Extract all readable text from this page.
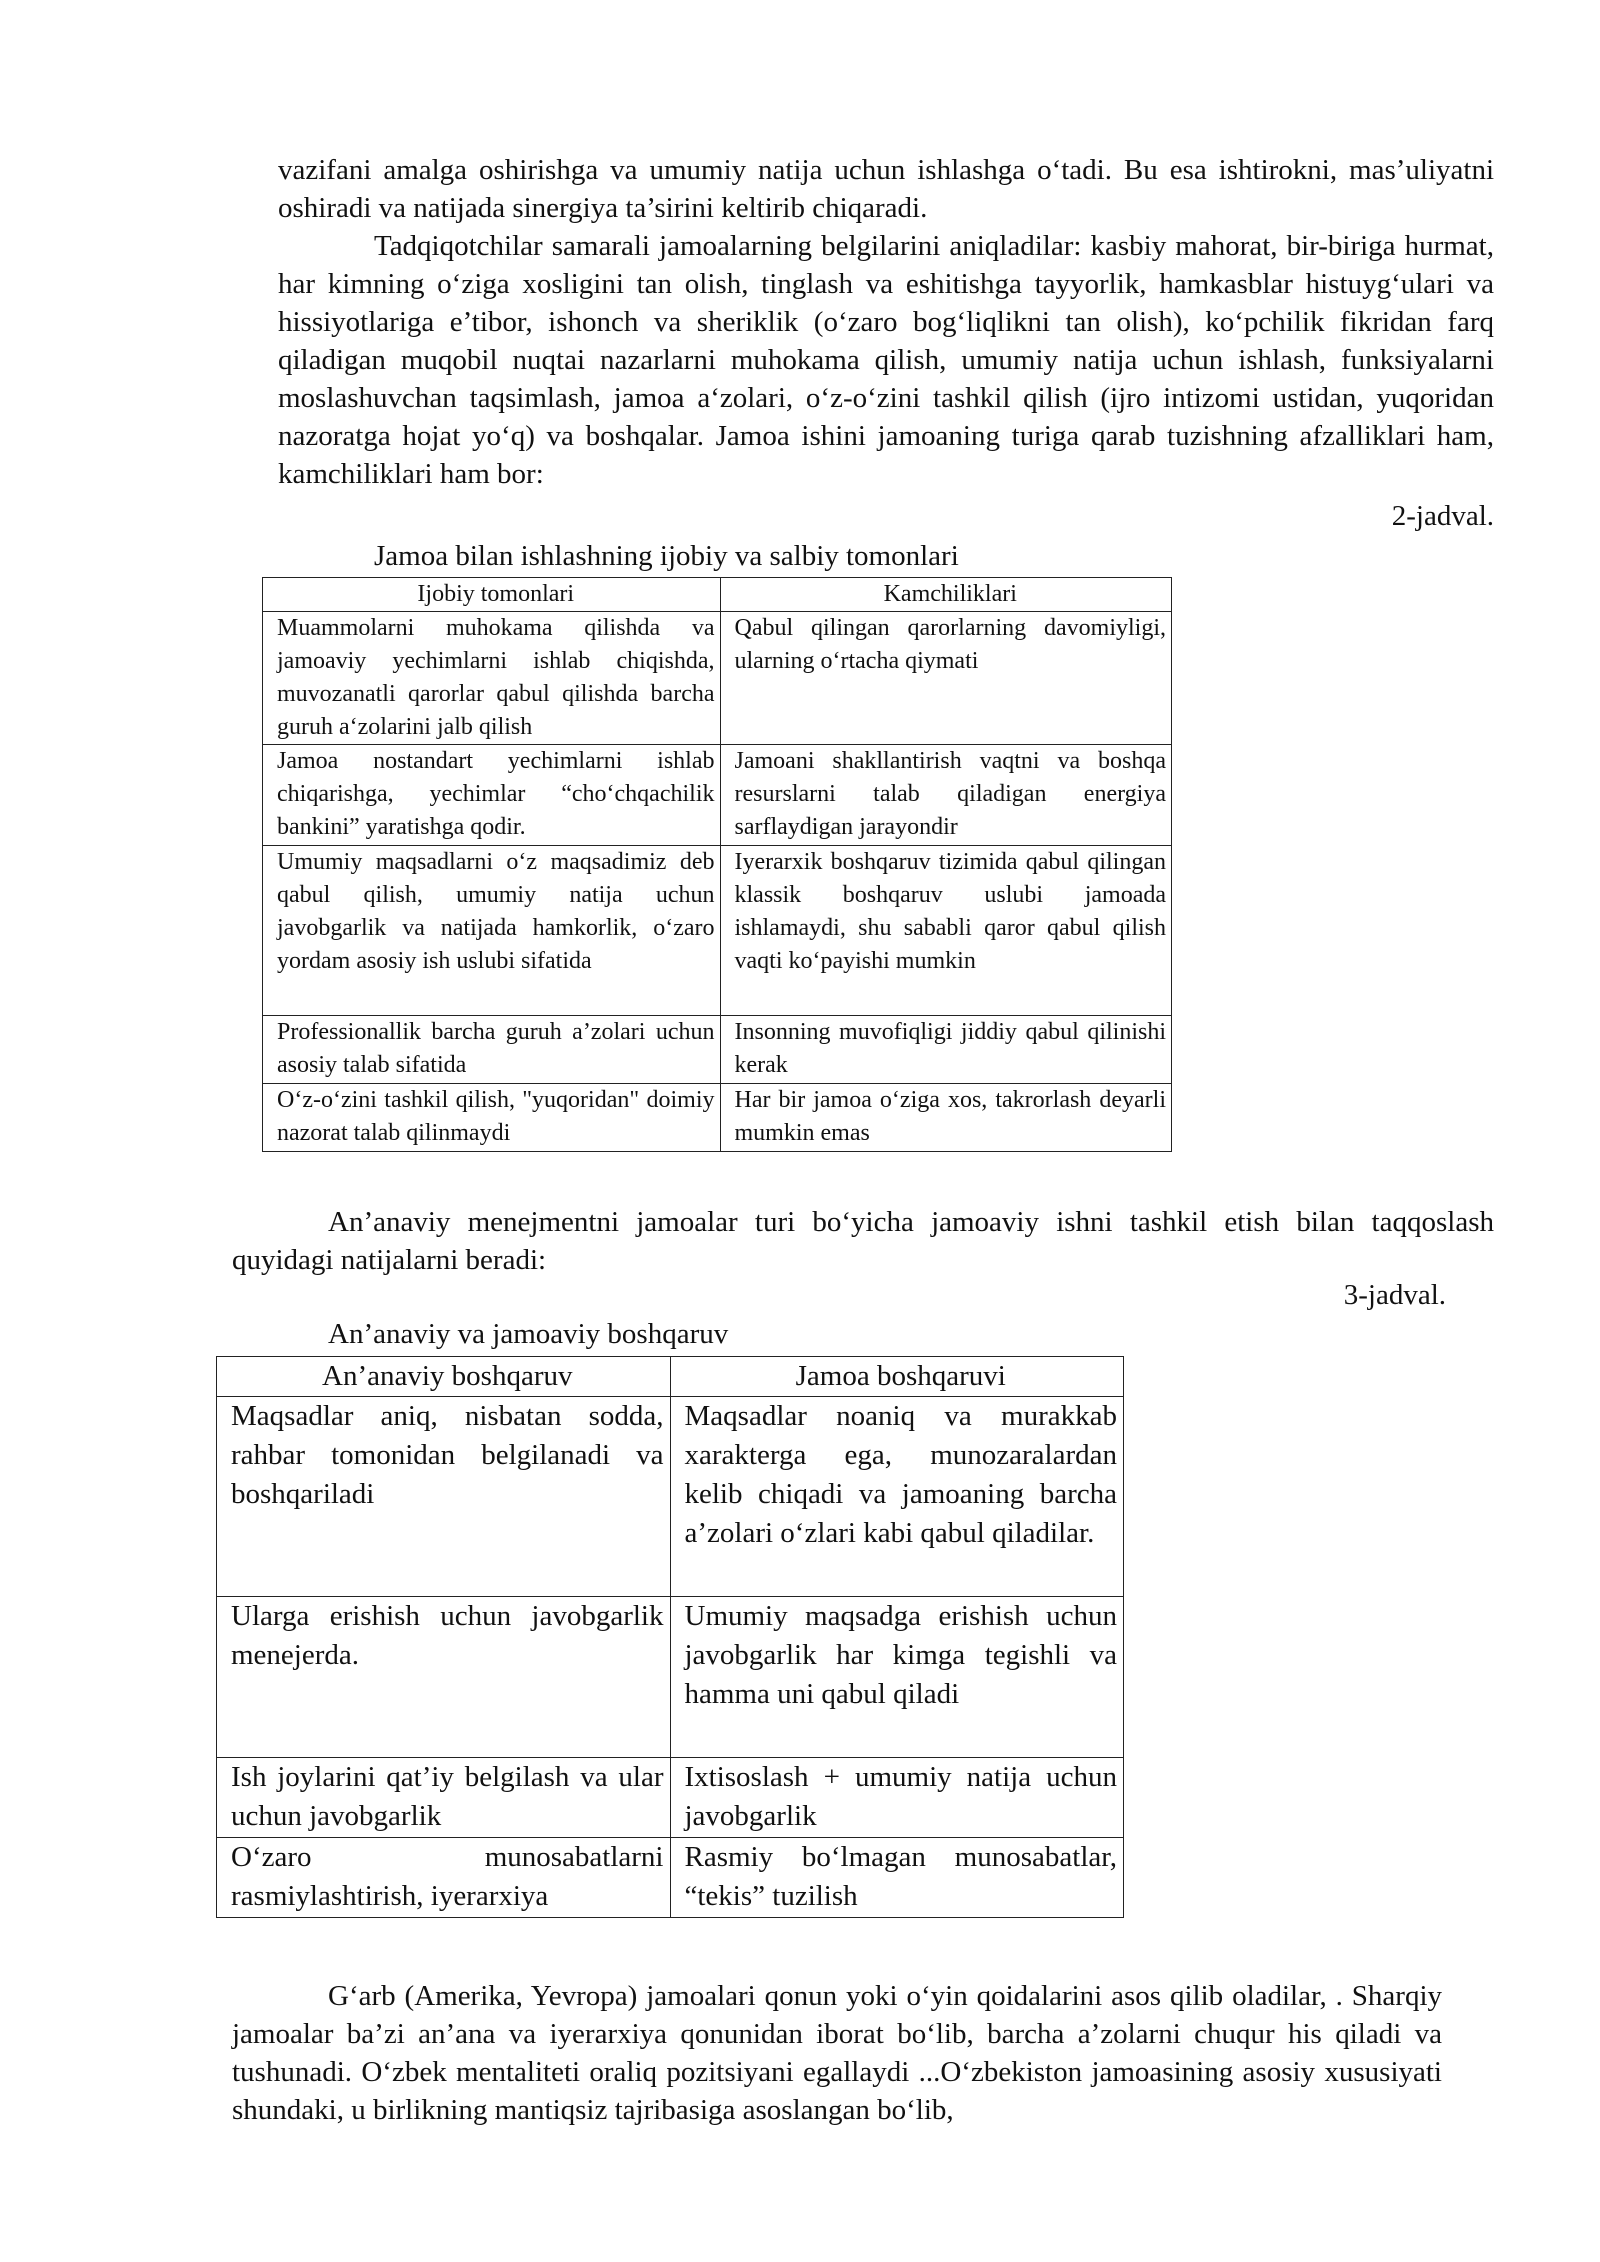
vazifani amalga oshirishga va umumiy natija uchun ishlashga o‘tadi. Bu esa ishtirokni, mas’uliyatni oshiradi va natijada sinergiya ta’sirini keltirib chiqaradi.

Tadqiqotchilar samarali jamoalarning belgilarini aniqladilar: kasbiy mahorat, bir-biriga hurmat, har kimning o‘ziga xosligini tan olish, tinglash va eshitishga tayyorlik, hamkasblar histuyg‘ulari va hissiyotlariga e’tibor, ishonch va sheriklik (o‘zaro bog‘liqlikni tan olish), ko‘pchilik fikridan farq qiladigan muqobil nuqtai nazarlarni muhokama qilish, umumiy natija uchun ishlash, funksiyalarni moslashuvchan taqsimlash, jamoa a‘zolari, o‘z-o‘zini tashkil qilish (ijro intizomi ustidan, yuqoridan nazoratga hojat yo‘q) va boshqalar. Jamoa ishini jamoaning turiga qarab tuzishning afzalliklari ham, kamchiliklari ham bor:

2-jadval.
Jamoa bilan ishlashning ijobiy va salbiy tomonlari
Ijobiy tomonlari	Kamchiliklari
Muammolarni muhokama qilishda va jamoaviy yechimlarni ishlab chiqishda, muvozanatli qarorlar qabul qilishda barcha guruh a‘zolarini jalb qilish	Qabul qilingan qarorlarning davomiyligi, ularning o‘rtacha qiymati
Jamoa nostandart yechimlarni ishlab chiqarishga, yechimlar “cho‘chqachilik bankini” yaratishga qodir.	Jamoani shakllantirish vaqtni va boshqa resurslarni talab qiladigan energiya sarflaydigan jarayondir
Umumiy maqsadlarni o‘z maqsadimiz deb qabul qilish, umumiy natija uchun javobgarlik va natijada hamkorlik, o‘zaro yordam asosiy ish uslubi sifatida	Iyerarxik boshqaruv tizimida qabul qilingan klassik boshqaruv uslubi jamoada ishlamaydi, shu sababli qaror qabul qilish vaqti ko‘payishi mumkin
Professionallik barcha guruh a’zolari uchun asosiy talab sifatida	Insonning muvofiqligi jiddiy qabul qilinishi kerak
O‘z-o‘zini tashkil qilish, "yuqoridan" doimiy nazorat talab qilinmaydi	Har bir jamoa o‘ziga xos, takrorlash deyarli mumkin emas

An’anaviy menejmentni jamoalar turi bo‘yicha jamoaviy ishni tashkil etish bilan taqqoslash quyidagi natijalarni beradi:

3-jadval.
An’anaviy va jamoaviy boshqaruv
An’anaviy boshqaruv	Jamoa boshqaruvi
Maqsadlar aniq, nisbatan sodda, rahbar tomonidan belgilanadi va boshqariladi	Maqsadlar noaniq va murakkab xarakterga ega, munozaralardan kelib chiqadi va jamoaning barcha a’zolari o‘zlari kabi qabul qiladilar.
Ularga erishish uchun javobgarlik menejerda.	Umumiy maqsadga erishish uchun javobgarlik har kimga tegishli va hamma uni qabul qiladi
Ish joylarini qat’iy belgilash va ular uchun javobgarlik	Ixtisoslash + umumiy natija uchun javobgarlik
O‘zaro munosabatlarni rasmiylashtirish, iyerarxiya	Rasmiy bo‘lmagan munosabatlar, “tekis” tuzilish

G‘arb (Amerika, Yevropa) jamoalari qonun yoki o‘yin qoidalarini asos qilib oladilar, . Sharqiy jamoalar ba’zi an’ana va iyerarxiya qonunidan iborat bo‘lib, barcha a’zolarni chuqur his qiladi va tushunadi. O‘zbek mentaliteti oraliq pozitsiyani egallaydi ...O‘zbekiston jamoasining asosiy xususiyati shundaki, u birlikning mantiqsiz tajribasiga asoslangan bo‘lib,
